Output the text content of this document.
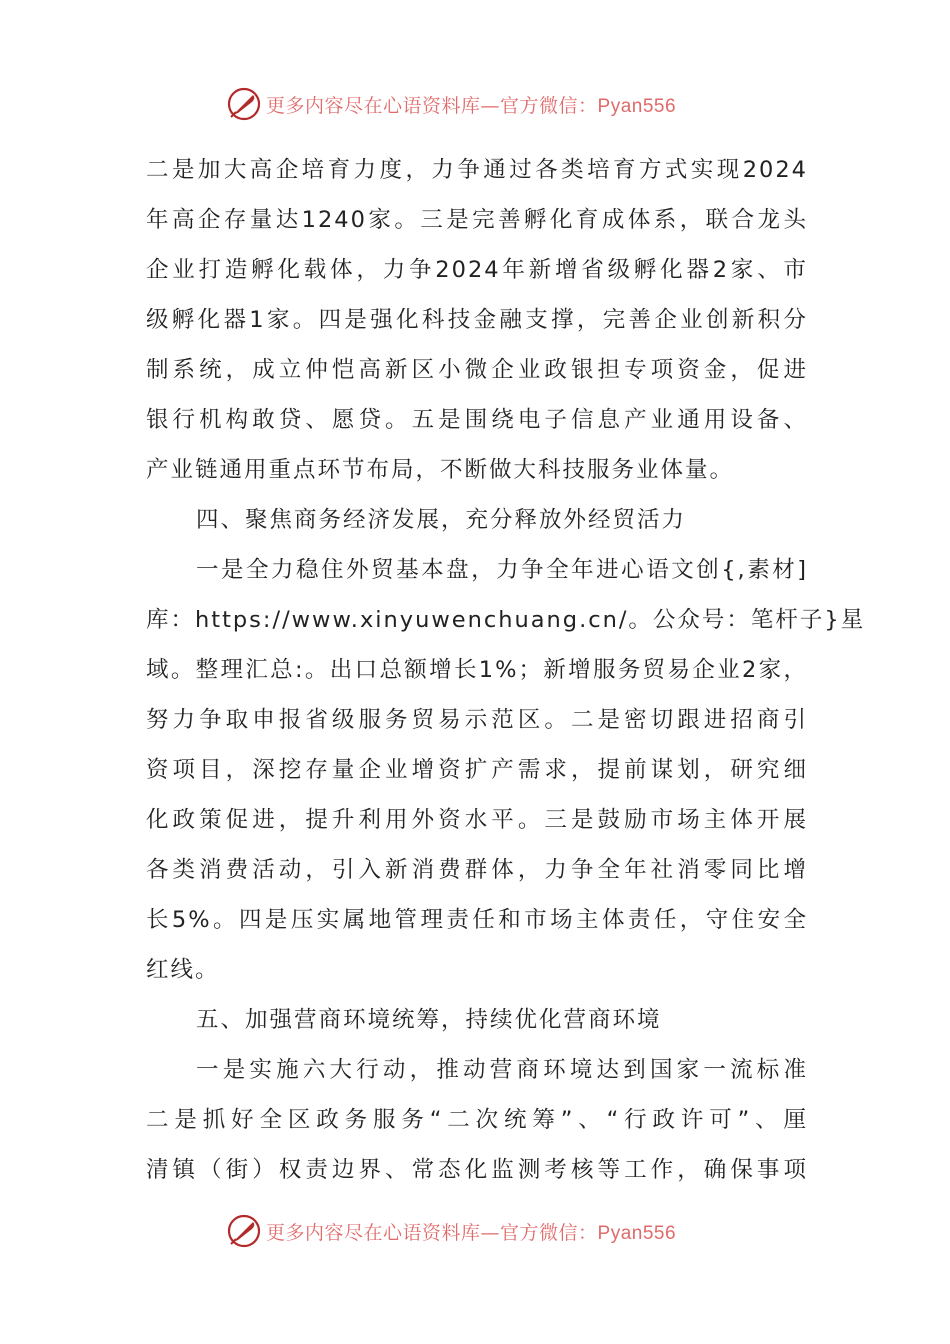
更多内容尽在心语资料库—官方微信：Pyan556
二是加大高企培育力度，力争通过各类培育方式实现2024
年高企存量达1240家。三是完善孵化育成体系，联合龙头
企业打造孵化载体，力争2024年新增省级孵化器2家、市
级孵化器1家。四是强化科技金融支撑，完善企业创新积分
制系统，成立仲恺高新区小微企业政银担专项资金，促进
银行机构敢贷、愿贷。五是围绕电子信息产业通用设备、
产业链通用重点环节布局，不断做大科技服务业体量。
四、聚焦商务经济发展，充分释放外经贸活力
一是全力稳住外贸基本盘，力争全年进心语文创{,素材]
库：https://www.xinyuwenchuang.cn/。公众号：笔杆子}星
域。整理汇总:。出口总额增长1%；新增服务贸易企业2家，
努力争取申报省级服务贸易示范区。二是密切跟进招商引
资项目，深挖存量企业增资扩产需求，提前谋划，研究细
化政策促进，提升利用外资水平。三是鼓励市场主体开展
各类消费活动，引入新消费群体，力争全年社消零同比增
长5%。四是压实属地管理责任和市场主体责任，守住安全
红线。
五、加强营商环境统筹，持续优化营商环境
一是实施六大行动，推动营商环境达到国家一流标准
二是抓好全区政务服务“二次统筹”、“行政许可”、厘
清镇（街）权责边界、常态化监测考核等工作，确保事项
更多内容尽在心语资料库—官方微信：Pyan556
